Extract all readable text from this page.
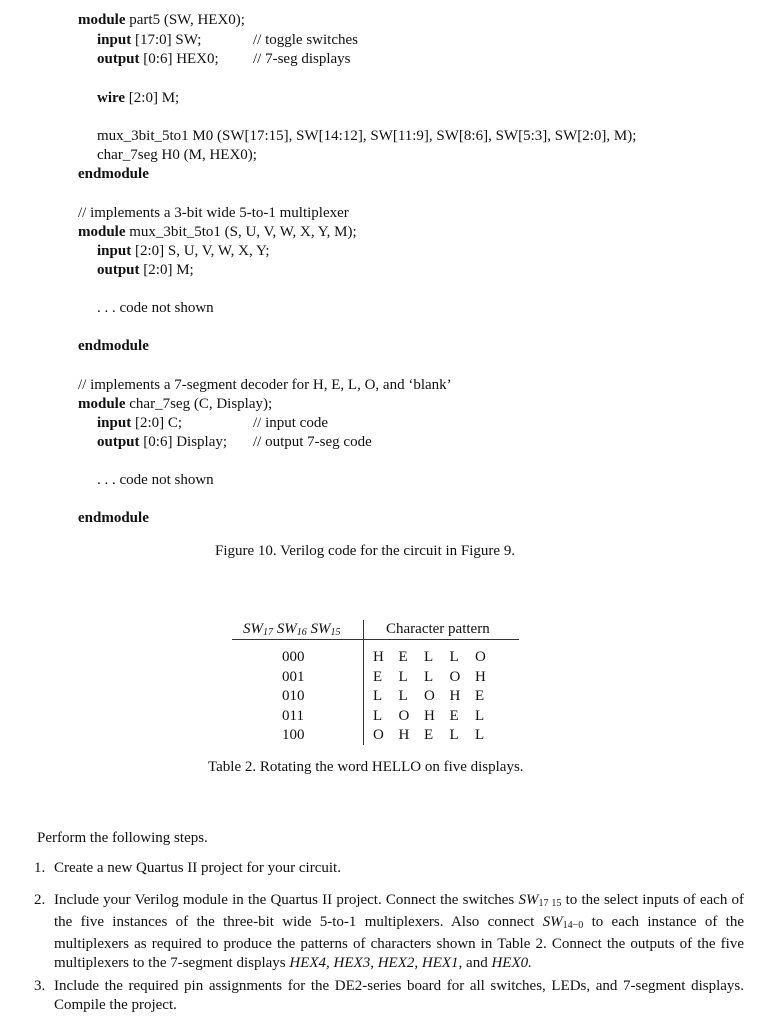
module part5 (SW, HEX0);
input [17:0] SW;	// toggle switches
output [0:6] HEX0; // 7-seg displays
wire [2:0] M;
mux_3bit_5to1 M0 (SW[17:15], SW[14:12], SW[11:9], SW[8:6], SW[5:3], SW[2:0], M);
char_7seg H0 (M, HEX0);
endmodule
// implements a 3-bit wide 5-to-1 multiplexer
module mux_3bit_5to1 (S, U, V, W, X, Y, M);
input [2:0] S, U, V, W, X, Y;
output [2:0] M;
. . . code not shown
endmodule
// implements a 7-segment decoder for H, E, L, O, and ‘blank’
module char_7seg (C, Display);
input [2:0] C;	// input code
output [0:6] Display; // output 7-seg code
. . . code not shown
endmodule
Figure 10. Verilog code for the circuit in Figure 9.
$SW_{17}$ $SW_{16}$ $SW_{15}$	Character pattern
000	H E L L O
001	E L L O H
010	L L O H E
011	L O H E L
100	O H E L L
Table 2. Rotating the word HELLO on five displays.
Perform the following steps.
1. Create a new Quartus II project for your circuit.
2. Include your Verilog module in the Quartus II project. Connect the switches $SW_{17 15}$ to the select inputs of each of the five instances of the three-bit wide 5-to-1 multiplexers. Also connect $SW_{14-0}$ to each instance of the multiplexers as required to produce the patterns of characters shown in Table 2. Connect the outputs of the five multiplexers to the 7-segment displays HEX4, HEX3, HEX2, HEX1, and HEX0.
3. Include the required pin assignments for the DE2-series board for all switches, LEDs, and 7-segment displays. Compile the project.
